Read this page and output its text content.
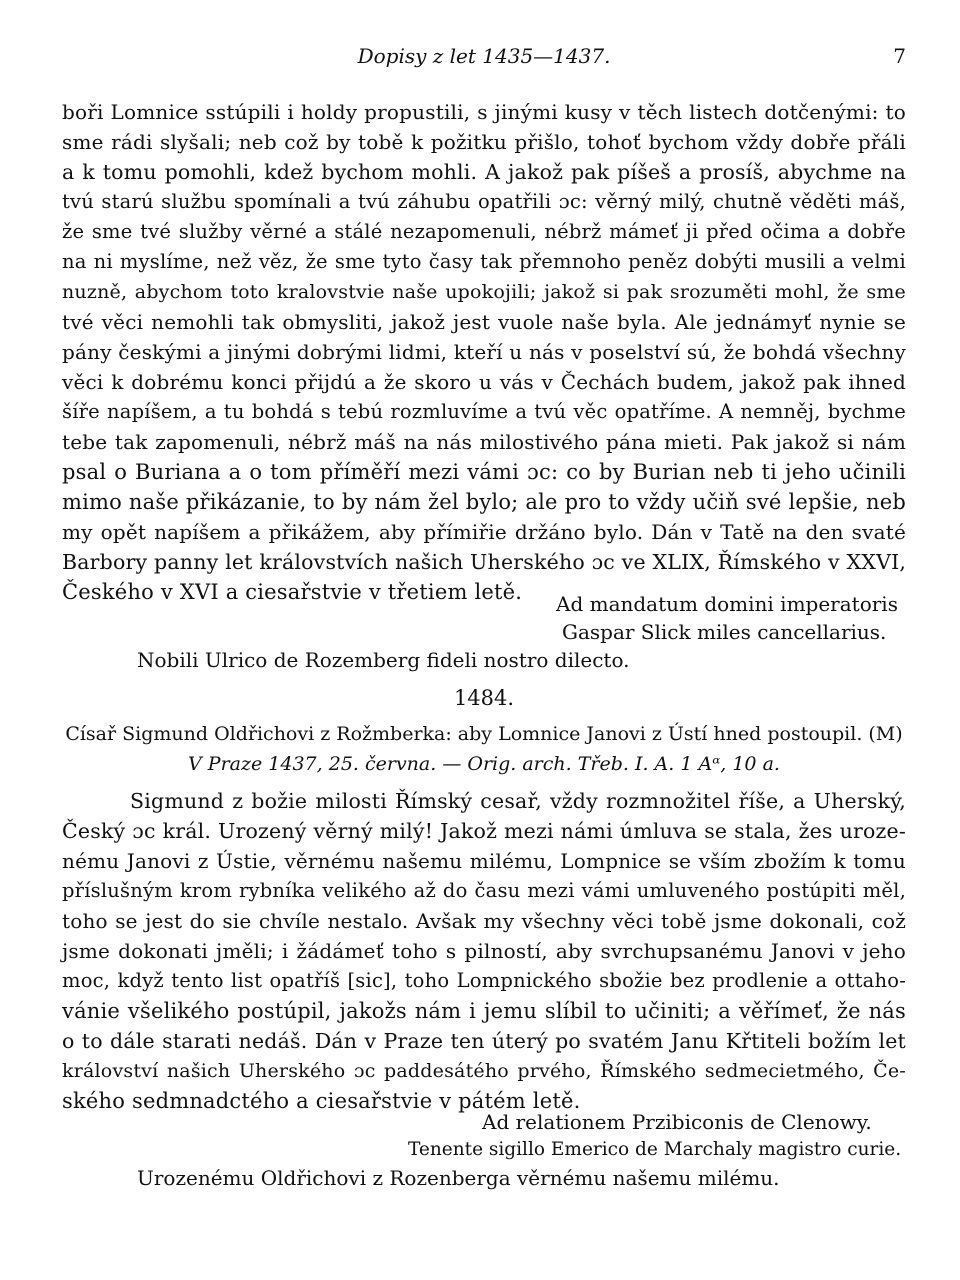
Dopisy z let 1435—1437.	7
boři Lomnice sstúpili i holdy propustili, s jinými kusy v těch listech dotčenými: to
sme rádi slyšali; neb což by tobě k požitku přišlo, tohoť bychom vždy dobře přáli
a k tomu pomohli, kdež bychom mohli. A jakož pak píšeš a prosíš, abychme na
tvú starú službu spomínali a tvú záhubu opatřili ɔc: věrný milý, chutně věděti máš,
že sme tvé služby věrné a stálé nezapomenuli, nébrž mámeť ji před očima a dobře
na ni myslíme, než věz, že sme tyto časy tak přemnoho peněz dobýti musili a velmi
nuzně, abychom toto kralovstvie naše upokojili; jakož si pak srozuměti mohl, že sme
tvé věci nemohli tak obmysliti, jakož jest vuole naše byla. Ale jednámyť nynie se
pány českými a jinými dobrými lidmi, kteří u nás v poselství sú, že bohdá všechny
věci k dobrému konci přijdú a že skoro u vás v Čechách budem, jakož pak ihned
šíře napíšem, a tu bohdá s tebú rozmluvíme a tvú věc opatříme. A nemněj, bychme
tebe tak zapomenuli, nébrž máš na nás milostivého pána mieti. Pak jakož si nám
psal o Buriana a o tom příměří mezi vámi ɔc: co by Burian neb ti jeho učinili
mimo naše přikázanie, to by nám žel bylo; ale pro to vždy učiň své lepšie, neb
my opět napíšem a přikážem, aby přímiřie držáno bylo. Dán v Tatě na den svaté
Barbory panny let královstvích našich Uherského ɔc ve XLIX, Římského v XXVI,
Českého v XVI a ciesařstvie v třetiem letě. Ad mandatum domini imperatoris
Gaspar Slick miles cancellarius.
Nobili Ulrico de Rozemberg fideli nostro dilecto.
1484.
Císař Sigmund Oldřichovi z Rožmberka: aby Lomnice Janovi z Ústí hned postoupil. (M)
V Praze 1437, 25. června. — Orig. arch. Třeb. I. A. 1 Aᵅ, 10 a.
Sigmund z božie milosti Římský cesař, vždy rozmnožitel říše, a Uherský,
Český ɔc král. Urozený věrný milý! Jakož mezi námi úmluva se stala, žes uroze-
nému Janovi z Ústie, věrnému našemu milému, Lompnice se vším zbožím k tomu
příslušným krom rybníka velikého až do času mezi vámi umluveného postúpiti měl,
toho se jest do sie chvíle nestalo. Avšak my všechny věci tobě jsme dokonali, což
jsme dokonati jměli; i žádámeť toho s pilností, aby svrchupsanému Janovi v jeho
moc, když tento list opatříš [sic], toho Lompnického sbožie bez prodlenie a ottaho-
vánie všelikého postúpil, jakožs nám i jemu slíbil to učiniti; a věřímeť, že nás
o to dále starati nedáš. Dán v Praze ten úterý po svatém Janu Křtiteli božím let
království našich Uherského ɔc paddesátého prvého, Římského sedmecietmého, Če-
ského sedmnadctého a ciesařstvie v pátém letě.
Ad relationem Przibiconis de Clenowy.
Tenente sigillo Emerico de Marchaly magistro curie.
Urozenému Oldřichovi z Rozenberga věrnému našemu milému.
